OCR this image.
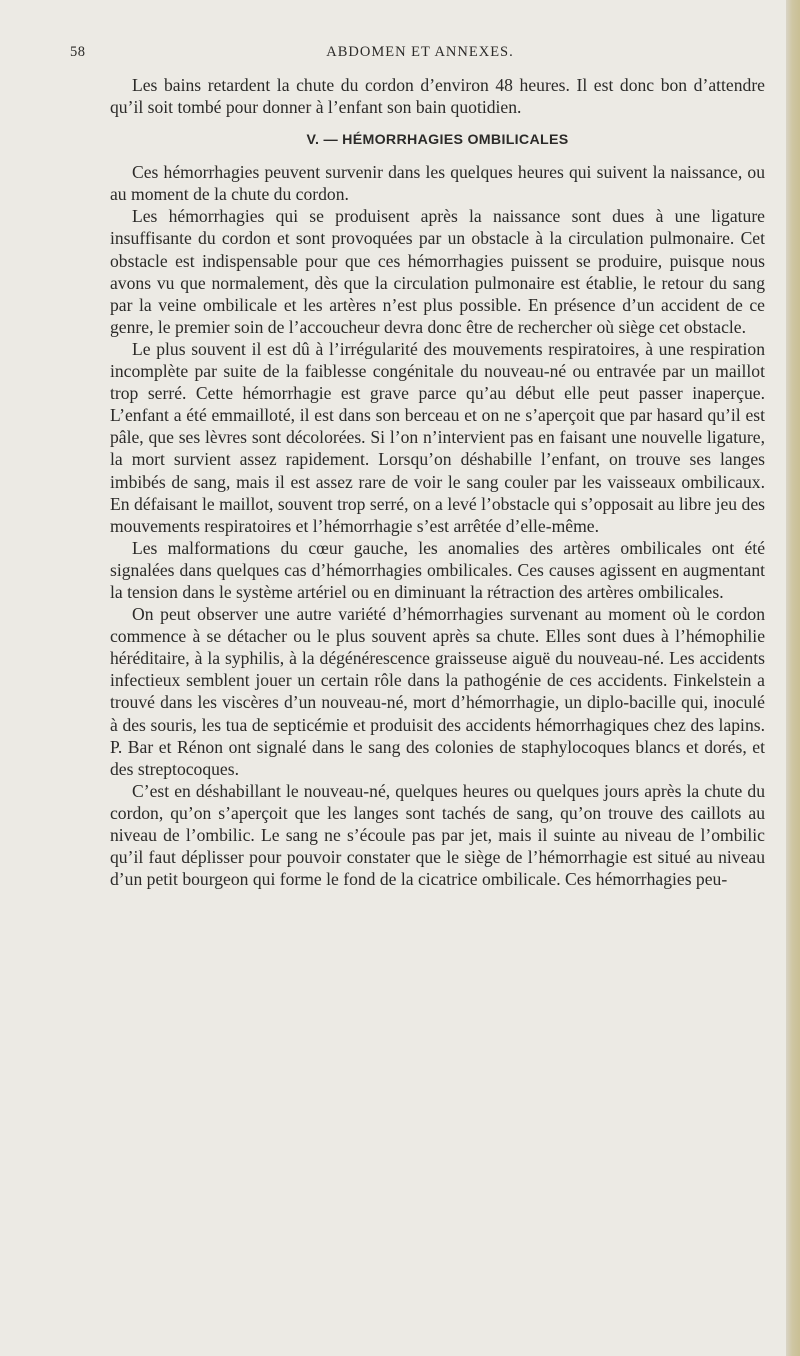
58	ABDOMEN ET ANNEXES.

Les bains retardent la chute du cordon d’environ 48 heures. Il est donc bon d’attendre qu’il soit tombé pour donner à l’enfant son bain quotidien.

V. — HÉMORRHAGIES OMBILICALES

Ces hémorrhagies peuvent survenir dans les quelques heures qui suivent la naissance, ou au moment de la chute du cordon.

Les hémorrhagies qui se produisent après la naissance sont dues à une ligature insuffisante du cordon et sont provoquées par un obstacle à la circulation pulmonaire. Cet obstacle est indispensable pour que ces hémorrhagies puissent se produire, puisque nous avons vu que normalement, dès que la circulation pulmonaire est établie, le retour du sang par la veine ombilicale et les artères n’est plus possible. En présence d’un accident de ce genre, le premier soin de l’accoucheur devra donc être de rechercher où siège cet obstacle.

Le plus souvent il est dû à l’irrégularité des mouvements respiratoires, à une respiration incomplète par suite de la faiblesse congénitale du nouveau-né ou entravée par un maillot trop serré. Cette hémorrhagie est grave parce qu’au début elle peut passer inaperçue. L’enfant a été emmailloté, il est dans son berceau et on ne s’aperçoit que par hasard qu’il est pâle, que ses lèvres sont décolorées. Si l’on n’intervient pas en faisant une nouvelle ligature, la mort survient assez rapidement. Lorsqu’on déshabille l’enfant, on trouve ses langes imbibés de sang, mais il est assez rare de voir le sang couler par les vaisseaux ombilicaux. En défaisant le maillot, souvent trop serré, on a levé l’obstacle qui s’opposait au libre jeu des mouvements respiratoires et l’hémorrhagie s’est arrêtée d’elle-même.

Les malformations du cœur gauche, les anomalies des artères ombilicales ont été signalées dans quelques cas d’hémorrhagies ombilicales. Ces causes agissent en augmentant la tension dans le système artériel ou en diminuant la rétraction des artères ombilicales.

On peut observer une autre variété d’hémorrhagies survenant au moment où le cordon commence à se détacher ou le plus souvent après sa chute. Elles sont dues à l’hémophilie héréditaire, à la syphilis, à la dégénérescence graisseuse aiguë du nouveau-né. Les accidents infectieux semblent jouer un certain rôle dans la pathogénie de ces accidents. Finkelstein a trouvé dans les viscères d’un nouveau-né, mort d’hémorrhagie, un diplo-bacille qui, inoculé à des souris, les tua de septicémie et produisit des accidents hémorrhagiques chez des lapins. P. Bar et Rénon ont signalé dans le sang des colonies de staphylocoques blancs et dorés, et des streptocoques.

C’est en déshabillant le nouveau-né, quelques heures ou quelques jours après la chute du cordon, qu’on s’aperçoit que les langes sont tachés de sang, qu’on trouve des caillots au niveau de l’ombilic. Le sang ne s’écoule pas par jet, mais il suinte au niveau de l’ombilic qu’il faut déplisser pour pouvoir constater que le siège de l’hémorrhagie est situé au niveau d’un petit bourgeon qui forme le fond de la cicatrice ombilicale. Ces hémorrhagies peu-
